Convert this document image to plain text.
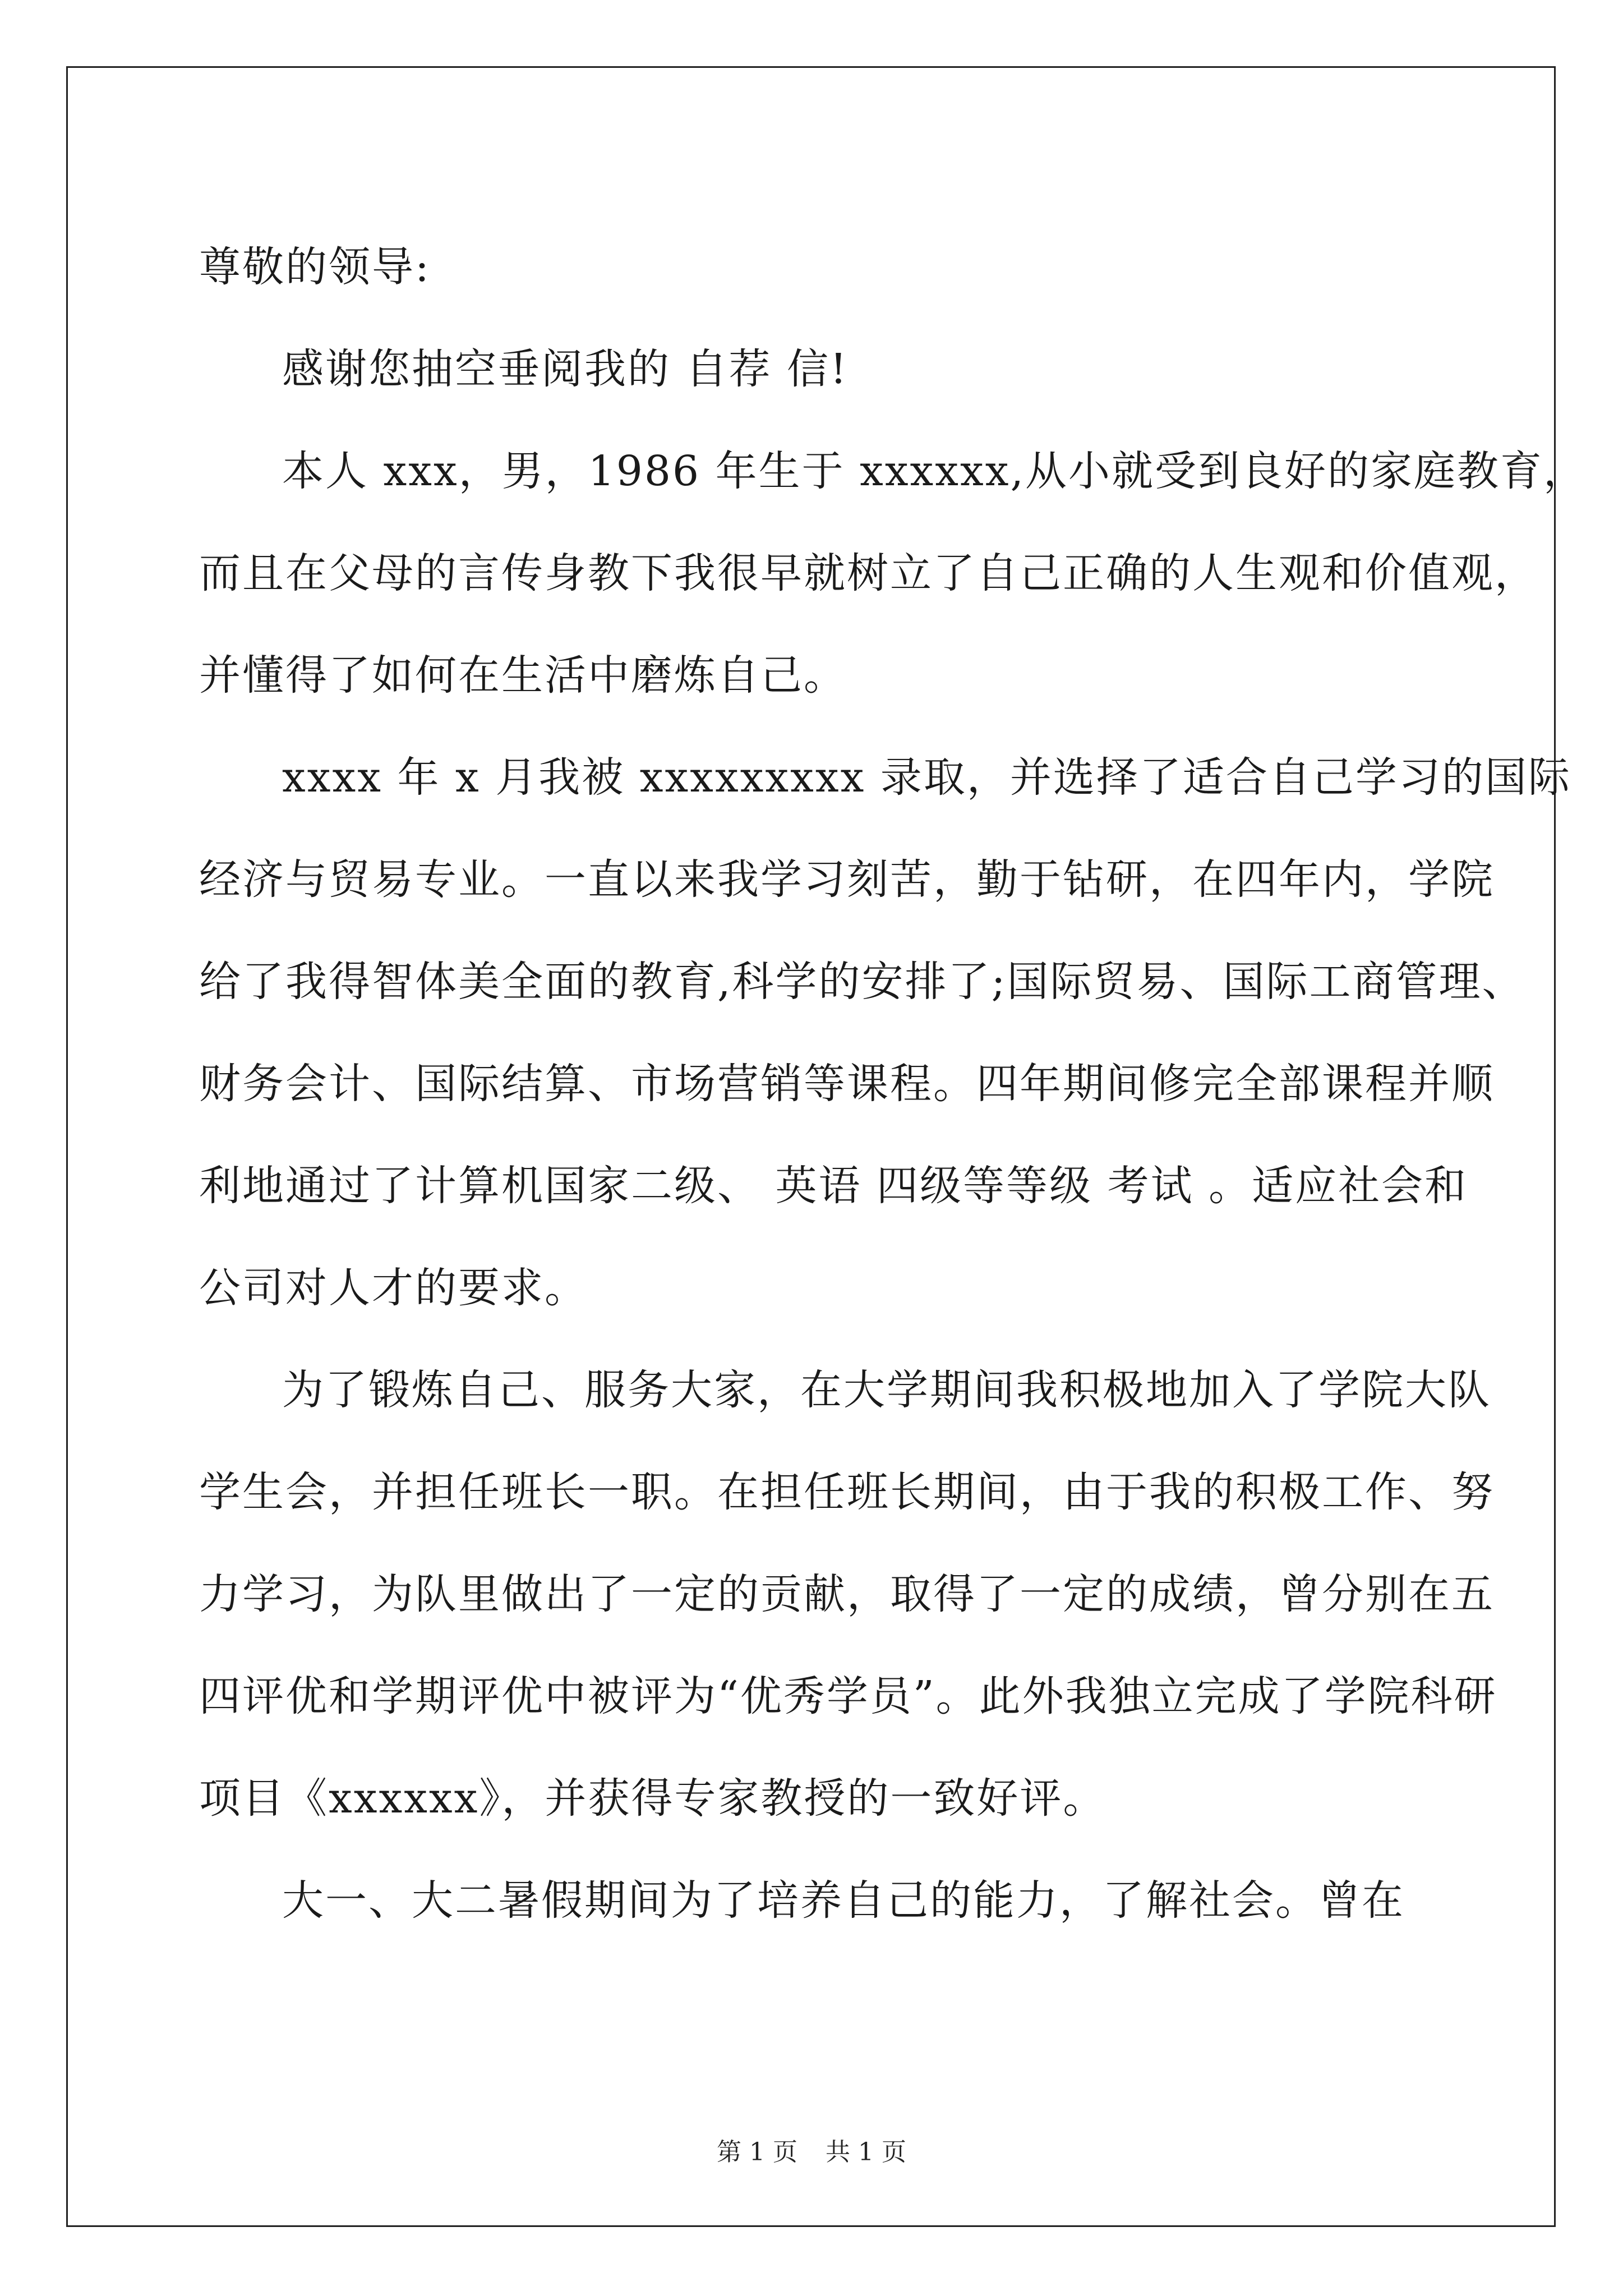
尊敬的领导:

感谢您抽空垂阅我的 自荐 信!

本人 xxx，男，1986 年生于 xxxxxx,从小就受到良好的家庭教育，

而且在父母的言传身教下我很早就树立了自己正确的人生观和价值观，

并懂得了如何在生活中磨炼自己。

xxxx 年 x 月我被 xxxxxxxxx 录取，并选择了适合自己学习的国际

经济与贸易专业。一直以来我学习刻苦，勤于钻研，在四年内，学院

给了我得智体美全面的教育,科学的安排了;国际贸易、国际工商管理、

财务会计、国际结算、市场营销等课程。四年期间修完全部课程并顺

利地通过了计算机国家二级、 英语 四级等等级 考试 。适应社会和

公司对人才的要求。

为了锻炼自己、服务大家，在大学期间我积极地加入了学院大队

学生会，并担任班长一职。在担任班长期间，由于我的积极工作、努

力学习，为队里做出了一定的贡献，取得了一定的成绩，曾分别在五

四评优和学期评优中被评为“优秀学员”。此外我独立完成了学院科研

项目《xxxxxx》，并获得专家教授的一致好评。

大一、大二暑假期间为了培养自己的能力，了解社会。曾在

第 1 页 共 1 页
